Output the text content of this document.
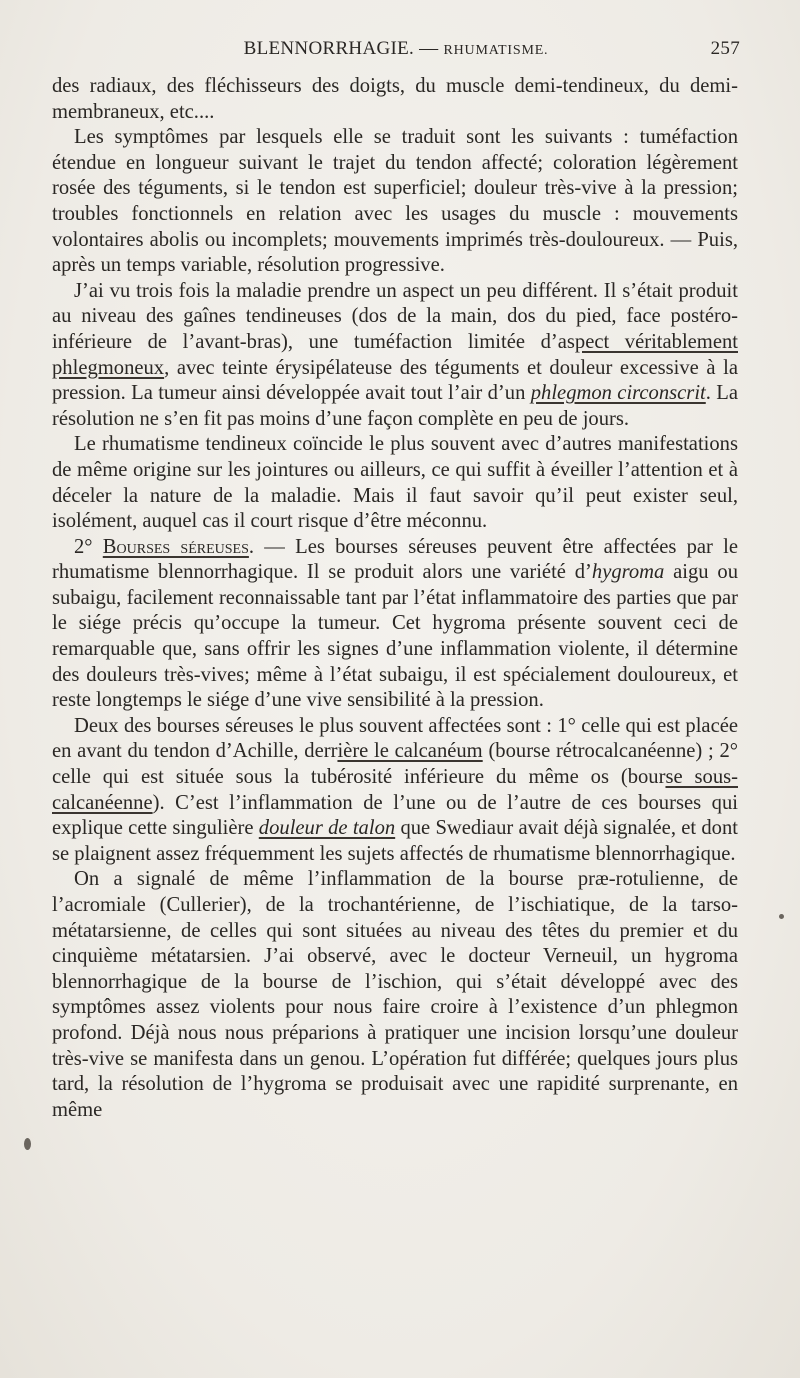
BLENNORRHAGIE. — RHUMATISME.	257

des radiaux, des fléchisseurs des doigts, du muscle demi-tendineux, du demi-membraneux, etc....

Les symptômes par lesquels elle se traduit sont les suivants : tuméfaction étendue en longueur suivant le trajet du tendon affecté; coloration légèrement rosée des téguments, si le tendon est superficiel; douleur très-vive à la pression; troubles fonctionnels en relation avec les usages du muscle : mouvements volontaires abolis ou incomplets; mouvements imprimés très-douloureux. — Puis, après un temps variable, résolution progressive.

J’ai vu trois fois la maladie prendre un aspect un peu différent. Il s’était produit au niveau des gaînes tendineuses (dos de la main, dos du pied, face postéro-inférieure de l’avant-bras), une tuméfaction limitée d’aspect véritablement phlegmoneux, avec teinte érysipélateuse des téguments et douleur excessive à la pression. La tumeur ainsi développée avait tout l’air d’un phlegmon circonscrit. La résolution ne s’en fit pas moins d’une façon complète en peu de jours.

Le rhumatisme tendineux coïncide le plus souvent avec d’autres manifestations de même origine sur les jointures ou ailleurs, ce qui suffit à éveiller l’attention et à déceler la nature de la maladie. Mais il faut savoir qu’il peut exister seul, isolément, auquel cas il court risque d’être méconnu.

2° Bourses séreuses. — Les bourses séreuses peuvent être affectées par le rhumatisme blennorrhagique. Il se produit alors une variété d’hygroma aigu ou subaigu, facilement reconnaissable tant par l’état inflammatoire des parties que par le siége précis qu’occupe la tumeur. Cet hygroma présente souvent ceci de remarquable que, sans offrir les signes d’une inflammation violente, il détermine des douleurs très-vives; même à l’état subaigu, il est spécialement douloureux, et reste longtemps le siége d’une vive sensibilité à la pression.

Deux des bourses séreuses le plus souvent affectées sont : 1° celle qui est placée en avant du tendon d’Achille, derrière le calcanéum (bourse rétrocalcanéenne) ; 2° celle qui est située sous la tubérosité inférieure du même os (bourse sous-calcanéenne). C’est l’inflammation de l’une ou de l’autre de ces bourses qui explique cette singulière douleur de talon que Swediaur avait déjà signalée, et dont se plaignent assez fréquemment les sujets affectés de rhumatisme blennorrhagique.

On a signalé de même l’inflammation de la bourse præ-rotulienne, de l’acromiale (Cullerier), de la trochantérienne, de l’ischiatique, de la tarso-métatarsienne, de celles qui sont situées au niveau des têtes du premier et du cinquième métatarsien. J’ai observé, avec le docteur Verneuil, un hygroma blennorrhagique de la bourse de l’ischion, qui s’était développé avec des symptômes assez violents pour nous faire croire à l’existence d’un phlegmon profond. Déjà nous nous préparions à pratiquer une incision lorsqu’une douleur très-vive se manifesta dans un genou. L’opération fut différée; quelques jours plus tard, la résolution de l’hygroma se produisait avec une rapidité surprenante, en même
